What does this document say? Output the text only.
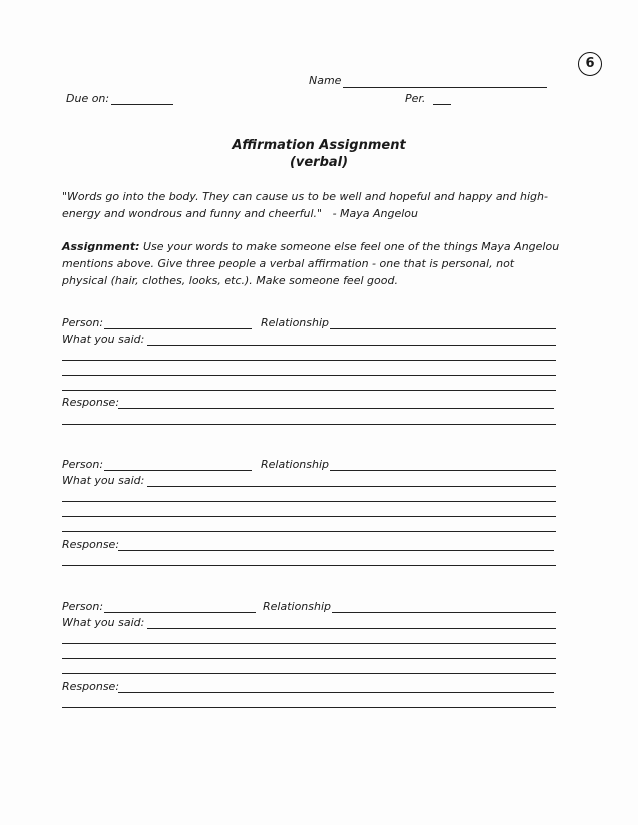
6
Name
Due on:	Per.
Affirmation Assignment
(verbal)
"Words go into the body. They can cause us to be well and hopeful and happy and high-energy and wondrous and funny and cheerful." - Maya Angelou
Assignment: Use your words to make someone else feel one of the things Maya Angelou mentions above. Give three people a verbal affirmation - one that is personal, not physical (hair, clothes, looks, etc.). Make someone feel good.
Person:	Relationship
What you said:
Response:
Person:	Relationship
What you said:
Response:
Person:	Relationship
What you said:
Response:
